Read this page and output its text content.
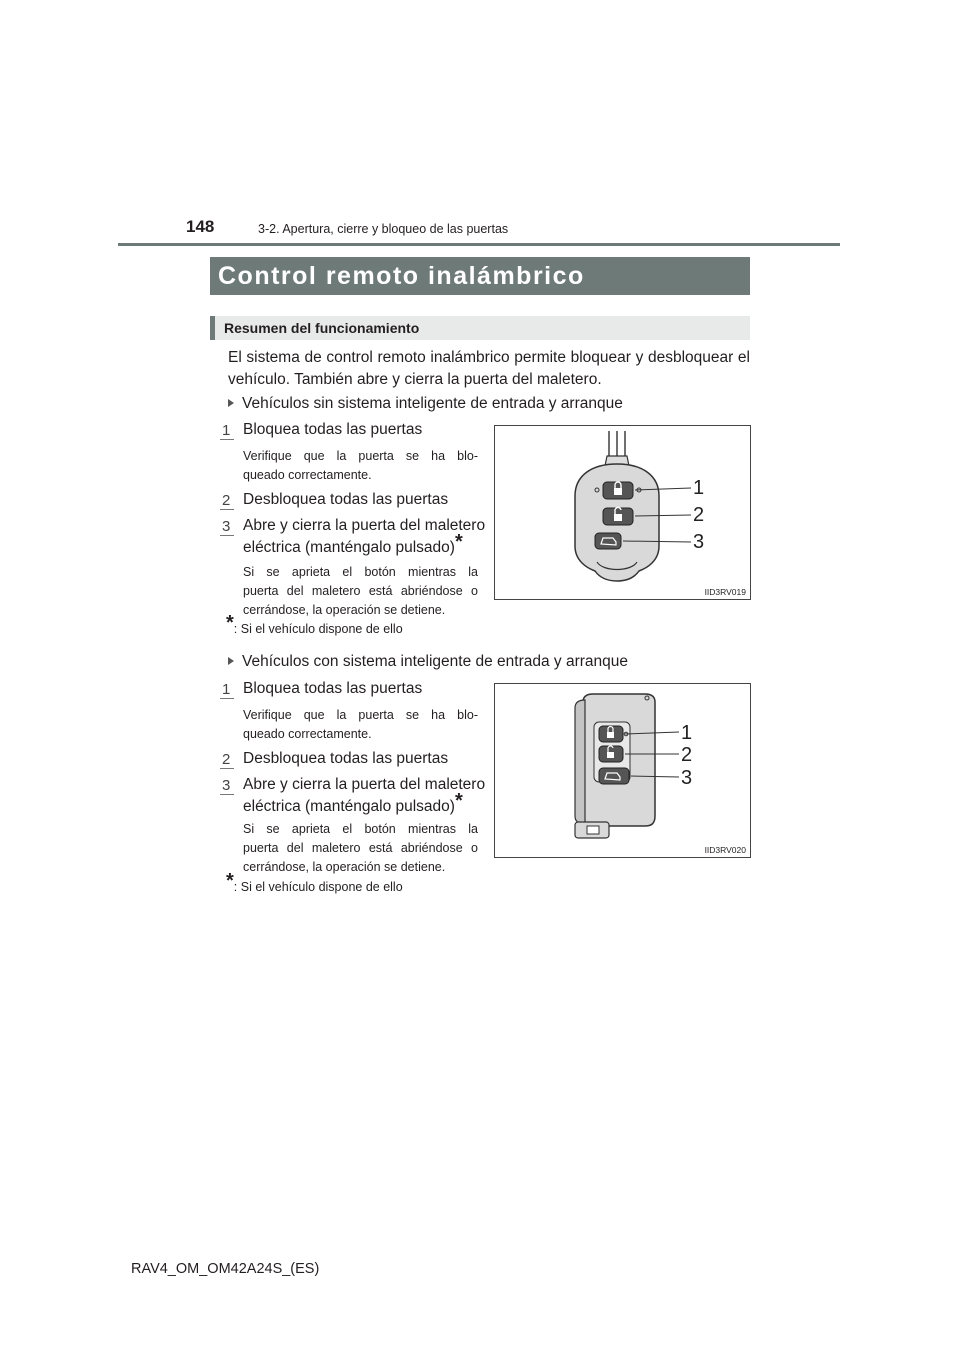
148	3-2. Apertura, cierre y bloqueo de las puertas
Control remoto inalámbrico
Resumen del funcionamiento
El sistema de control remoto inalámbrico permite bloquear y desbloquear el
vehículo. También abre y cierra la puerta del maletero.
Vehículos sin sistema inteligente de entrada y arranque
1 Bloquea todas las puertas
Verifique que la puerta se ha blo-
queado correctamente.
2 Desbloquea todas las puertas
3 Abre y cierra la puerta del maletero
eléctrica (manténgalo pulsado)*
Si se aprieta el botón mientras la
puerta del maletero está abriéndose o
cerrándose, la operación se detiene.
*: Si el vehículo dispone de ello
1
2
3
IID3RV019
Vehículos con sistema inteligente de entrada y arranque
1 Bloquea todas las puertas
Verifique que la puerta se ha blo-
queado correctamente.
2 Desbloquea todas las puertas
3 Abre y cierra la puerta del maletero
eléctrica (manténgalo pulsado)*
Si se aprieta el botón mientras la
puerta del maletero está abriéndose o
cerrándose, la operación se detiene.
*: Si el vehículo dispone de ello
1
2
3
IID3RV020
RAV4_OM_OM42A24S_(ES)
